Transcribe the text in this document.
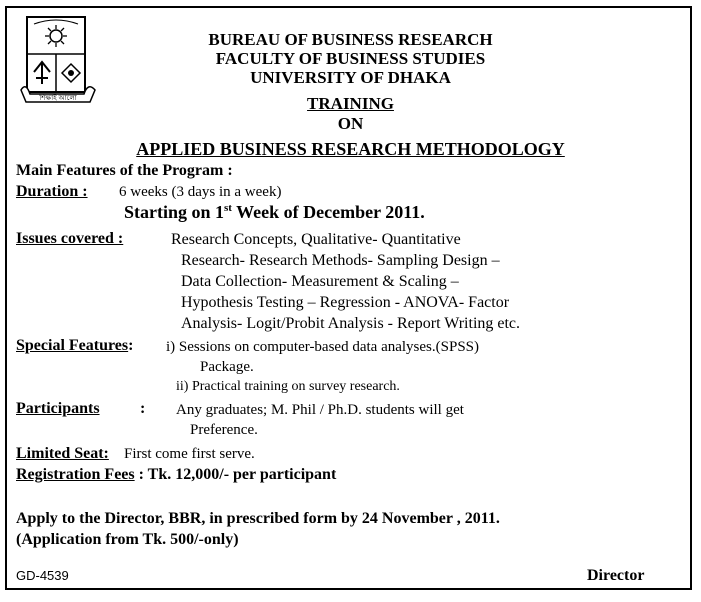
শিক্ষাই আলো
BUREAU OF BUSINESS RESEARCH
FACULTY OF BUSINESS STUDIES
UNIVERSITY OF DHAKA
TRAINING
ON
APPLIED BUSINESS RESEARCH METHODOLOGY
Main Features of the Program :
Duration : 6 weeks (3 days in a week)
Starting on 1st Week of December 2011.
Issues covered :	Research Concepts, Qualitative- Quantitative
Research- Research Methods- Sampling Design –
Data Collection- Measurement & Scaling –
Hypothesis Testing – Regression - ANOVA- Factor
Analysis- Logit/Probit Analysis - Report Writing etc.
Special Features: i) Sessions on computer-based data analyses.(SPSS)
Package.
ii) Practical training on survey research.
Participants	: Any graduates; M. Phil / Ph.D. students will get
Preference.
Limited Seat: First come first serve.
Registration Fees : Tk. 12,000/- per participant
Apply to the Director, BBR, in prescribed form by 24 November , 2011.
(Application from Tk. 500/-only)
GD-4539	Director
